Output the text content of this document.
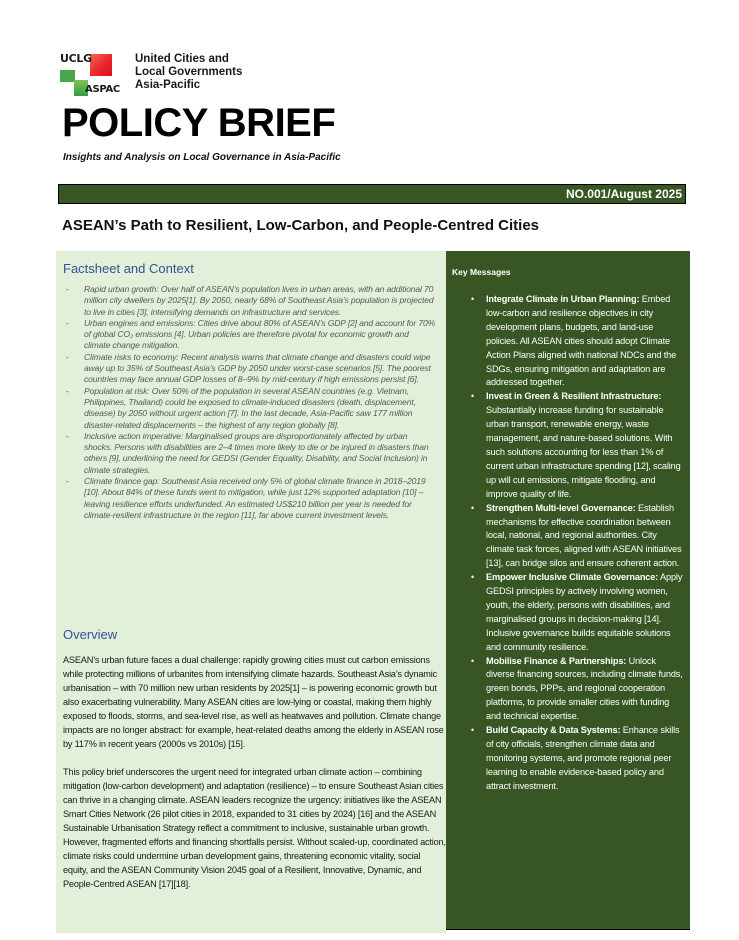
UCLG
ASPAC
United Cities and
Local Governments
Asia-Pacific
POLICY BRIEF

Insights and Analysis on Local Governance in Asia-Pacific

NO.001/August 2025
ASEAN’s Path to Resilient, Low-Carbon, and People-Centred Cities
Factsheet and Context
- Rapid urban growth: Over half of ASEAN’s population lives in urban areas, with an additional 70 million city dwellers by 2025[1]. By 2050, nearly 68% of Southeast Asia’s population is projected to live in cities [3], intensifying demands on infrastructure and services.
- Urban engines and emissions: Cities drive about 80% of ASEAN’s GDP [2] and account for 70% of global CO₂ emissions [4]. Urban policies are therefore pivotal for economic growth and climate change mitigation.
- Climate risks to economy: Recent analysis warns that climate change and disasters could wipe away up to 35% of Southeast Asia’s GDP by 2050 under worst-case scenarios [5]. The poorest countries may face annual GDP losses of 8–9% by mid-century if high emissions persist [6].
- Population at risk: Over 50% of the population in several ASEAN countries (e.g. Vietnam, Philippines, Thailand) could be exposed to climate-induced disasters (death, displacement, disease) by 2050 without urgent action [7]. In the last decade, Asia-Pacific saw 177 million disaster-related displacements – the highest of any region globally [8].
- Inclusive action imperative: Marginalised groups are disproportionately affected by urban shocks. Persons with disabilities are 2–4 times more likely to die or be injured in disasters than others [9], underlining the need for GEDSI (Gender Equality, Disability, and Social Inclusion) in climate strategies.
- Climate finance gap: Southeast Asia received only 5% of global climate finance in 2018–2019 [10]. About 84% of these funds went to mitigation, while just 12% supported adaptation [10] – leaving resilience efforts underfunded. An estimated US$210 billion per year is needed for climate-resilient infrastructure in the region [11], far above current investment levels.
Overview

ASEAN’s urban future faces a dual challenge: rapidly growing cities must cut carbon emissions while protecting millions of urbanites from intensifying climate hazards. Southeast Asia’s dynamic urbanisation – with 70 million new urban residents by 2025[1] – is powering economic growth but also exacerbating vulnerability. Many ASEAN cities are low-lying or coastal, making them highly exposed to floods, storms, and sea-level rise, as well as heatwaves and pollution. Climate change impacts are no longer abstract: for example, heat-related deaths among the elderly in ASEAN rose by 117% in recent years (2000s vs 2010s) [15].

This policy brief underscores the urgent need for integrated urban climate action – combining mitigation (low-carbon development) and adaptation (resilience) – to ensure Southeast Asian cities can thrive in a changing climate. ASEAN leaders recognize the urgency: initiatives like the ASEAN Smart Cities Network (26 pilot cities in 2018, expanded to 31 cities by 2024) [16] and the ASEAN Sustainable Urbanisation Strategy reflect a commitment to inclusive, sustainable urban growth. However, fragmented efforts and financing shortfalls persist. Without scaled-up, coordinated action, climate risks could undermine urban development gains, threatening economic vitality, social equity, and the ASEAN Community Vision 2045 goal of a Resilient, Innovative, Dynamic, and People-Centred ASEAN [17][18].

Key Messages
• Integrate Climate in Urban Planning: Embed low-carbon and resilience objectives in city development plans, budgets, and land-use policies. All ASEAN cities should adopt Climate Action Plans aligned with national NDCs and the SDGs, ensuring mitigation and adaptation are addressed together.
• Invest in Green & Resilient Infrastructure: Substantially increase funding for sustainable urban transport, renewable energy, waste management, and nature-based solutions. With such solutions accounting for less than 1% of current urban infrastructure spending [12], scaling up will cut emissions, mitigate flooding, and improve quality of life.
• Strengthen Multi-level Governance: Establish mechanisms for effective coordination between local, national, and regional authorities. City climate task forces, aligned with ASEAN initiatives [13], can bridge silos and ensure coherent action.
• Empower Inclusive Climate Governance: Apply GEDSI principles by actively involving women, youth, the elderly, persons with disabilities, and marginalised groups in decision-making [14]. Inclusive governance builds equitable solutions and community resilience.
• Mobilise Finance & Partnerships: Unlock diverse financing sources, including climate funds, green bonds, PPPs, and regional cooperation platforms, to provide smaller cities with funding and technical expertise.
• Build Capacity & Data Systems: Enhance skills of city officials, strengthen climate data and monitoring systems, and promote regional peer learning to enable evidence-based policy and attract investment.
